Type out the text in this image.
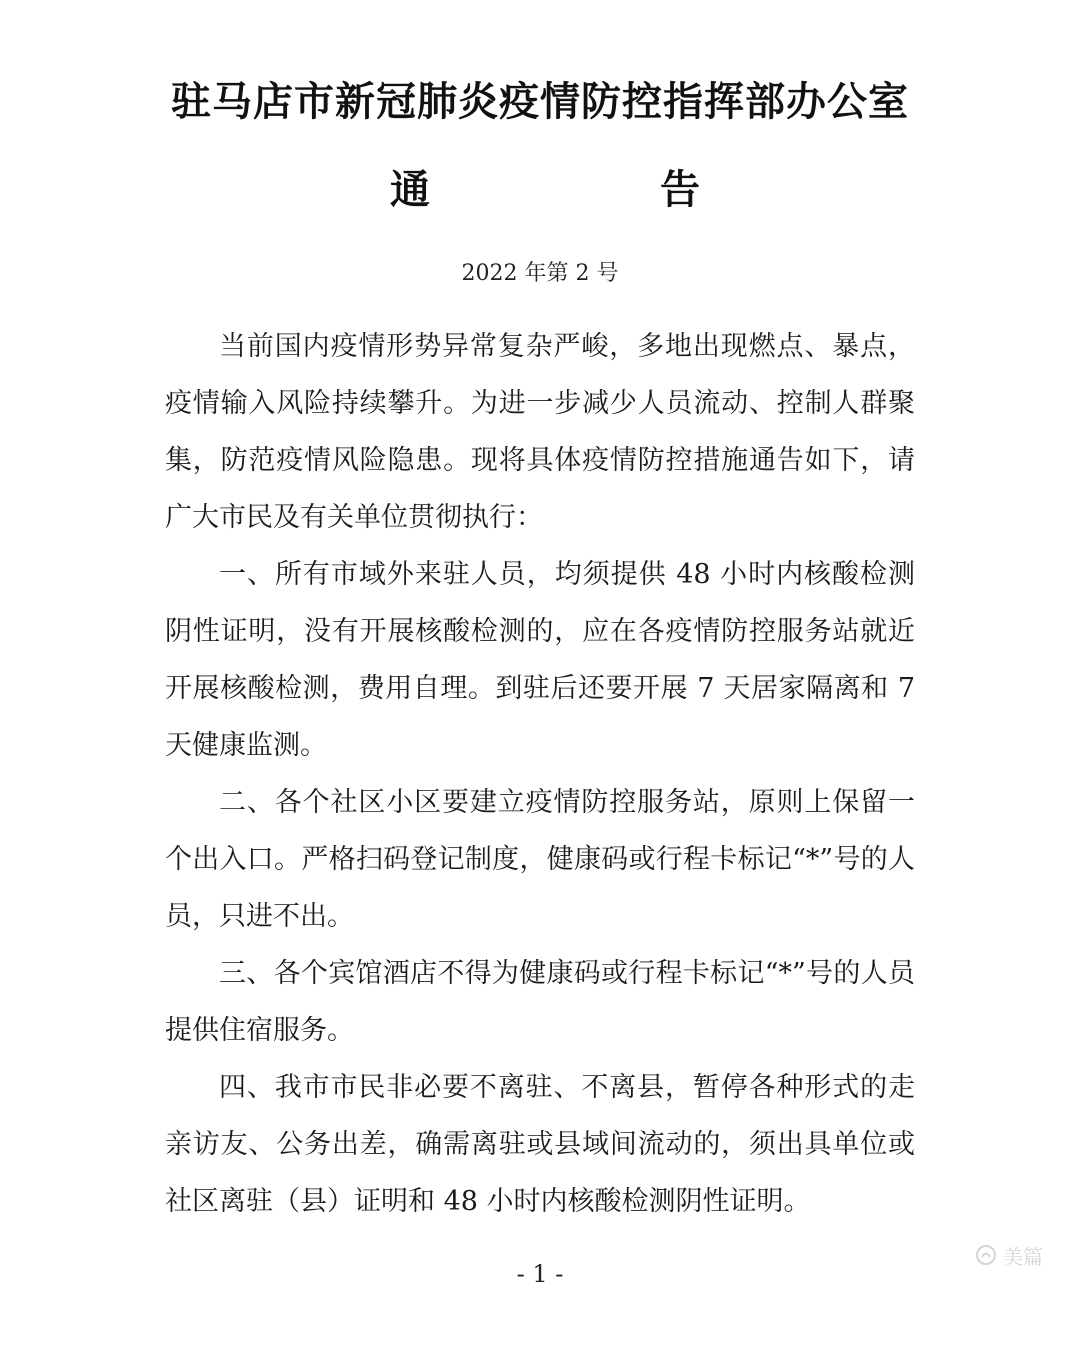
驻马店市新冠肺炎疫情防控指挥部办公室
通	告
2022 年第 2 号

当前国内疫情形势异常复杂严峻，多地出现燃点、暴点，疫情输入风险持续攀升。为进一步减少人员流动、控制人群聚集，防范疫情风险隐患。现将具体疫情防控措施通告如下，请广大市民及有关单位贯彻执行：

一、所有市域外来驻人员，均须提供 48 小时内核酸检测阴性证明，没有开展核酸检测的，应在各疫情防控服务站就近开展核酸检测，费用自理。到驻后还要开展 7 天居家隔离和 7 天健康监测。

二、各个社区小区要建立疫情防控服务站，原则上保留一个出入口。严格扫码登记制度，健康码或行程卡标记“*”号的人员，只进不出。

三、各个宾馆酒店不得为健康码或行程卡标记“*”号的人员提供住宿服务。

四、我市市民非必要不离驻、不离县，暂停各种形式的走亲访友、公务出差，确需离驻或县域间流动的，须出具单位或社区离驻（县）证明和 48 小时内核酸检测阴性证明。

- 1 -
美篇
